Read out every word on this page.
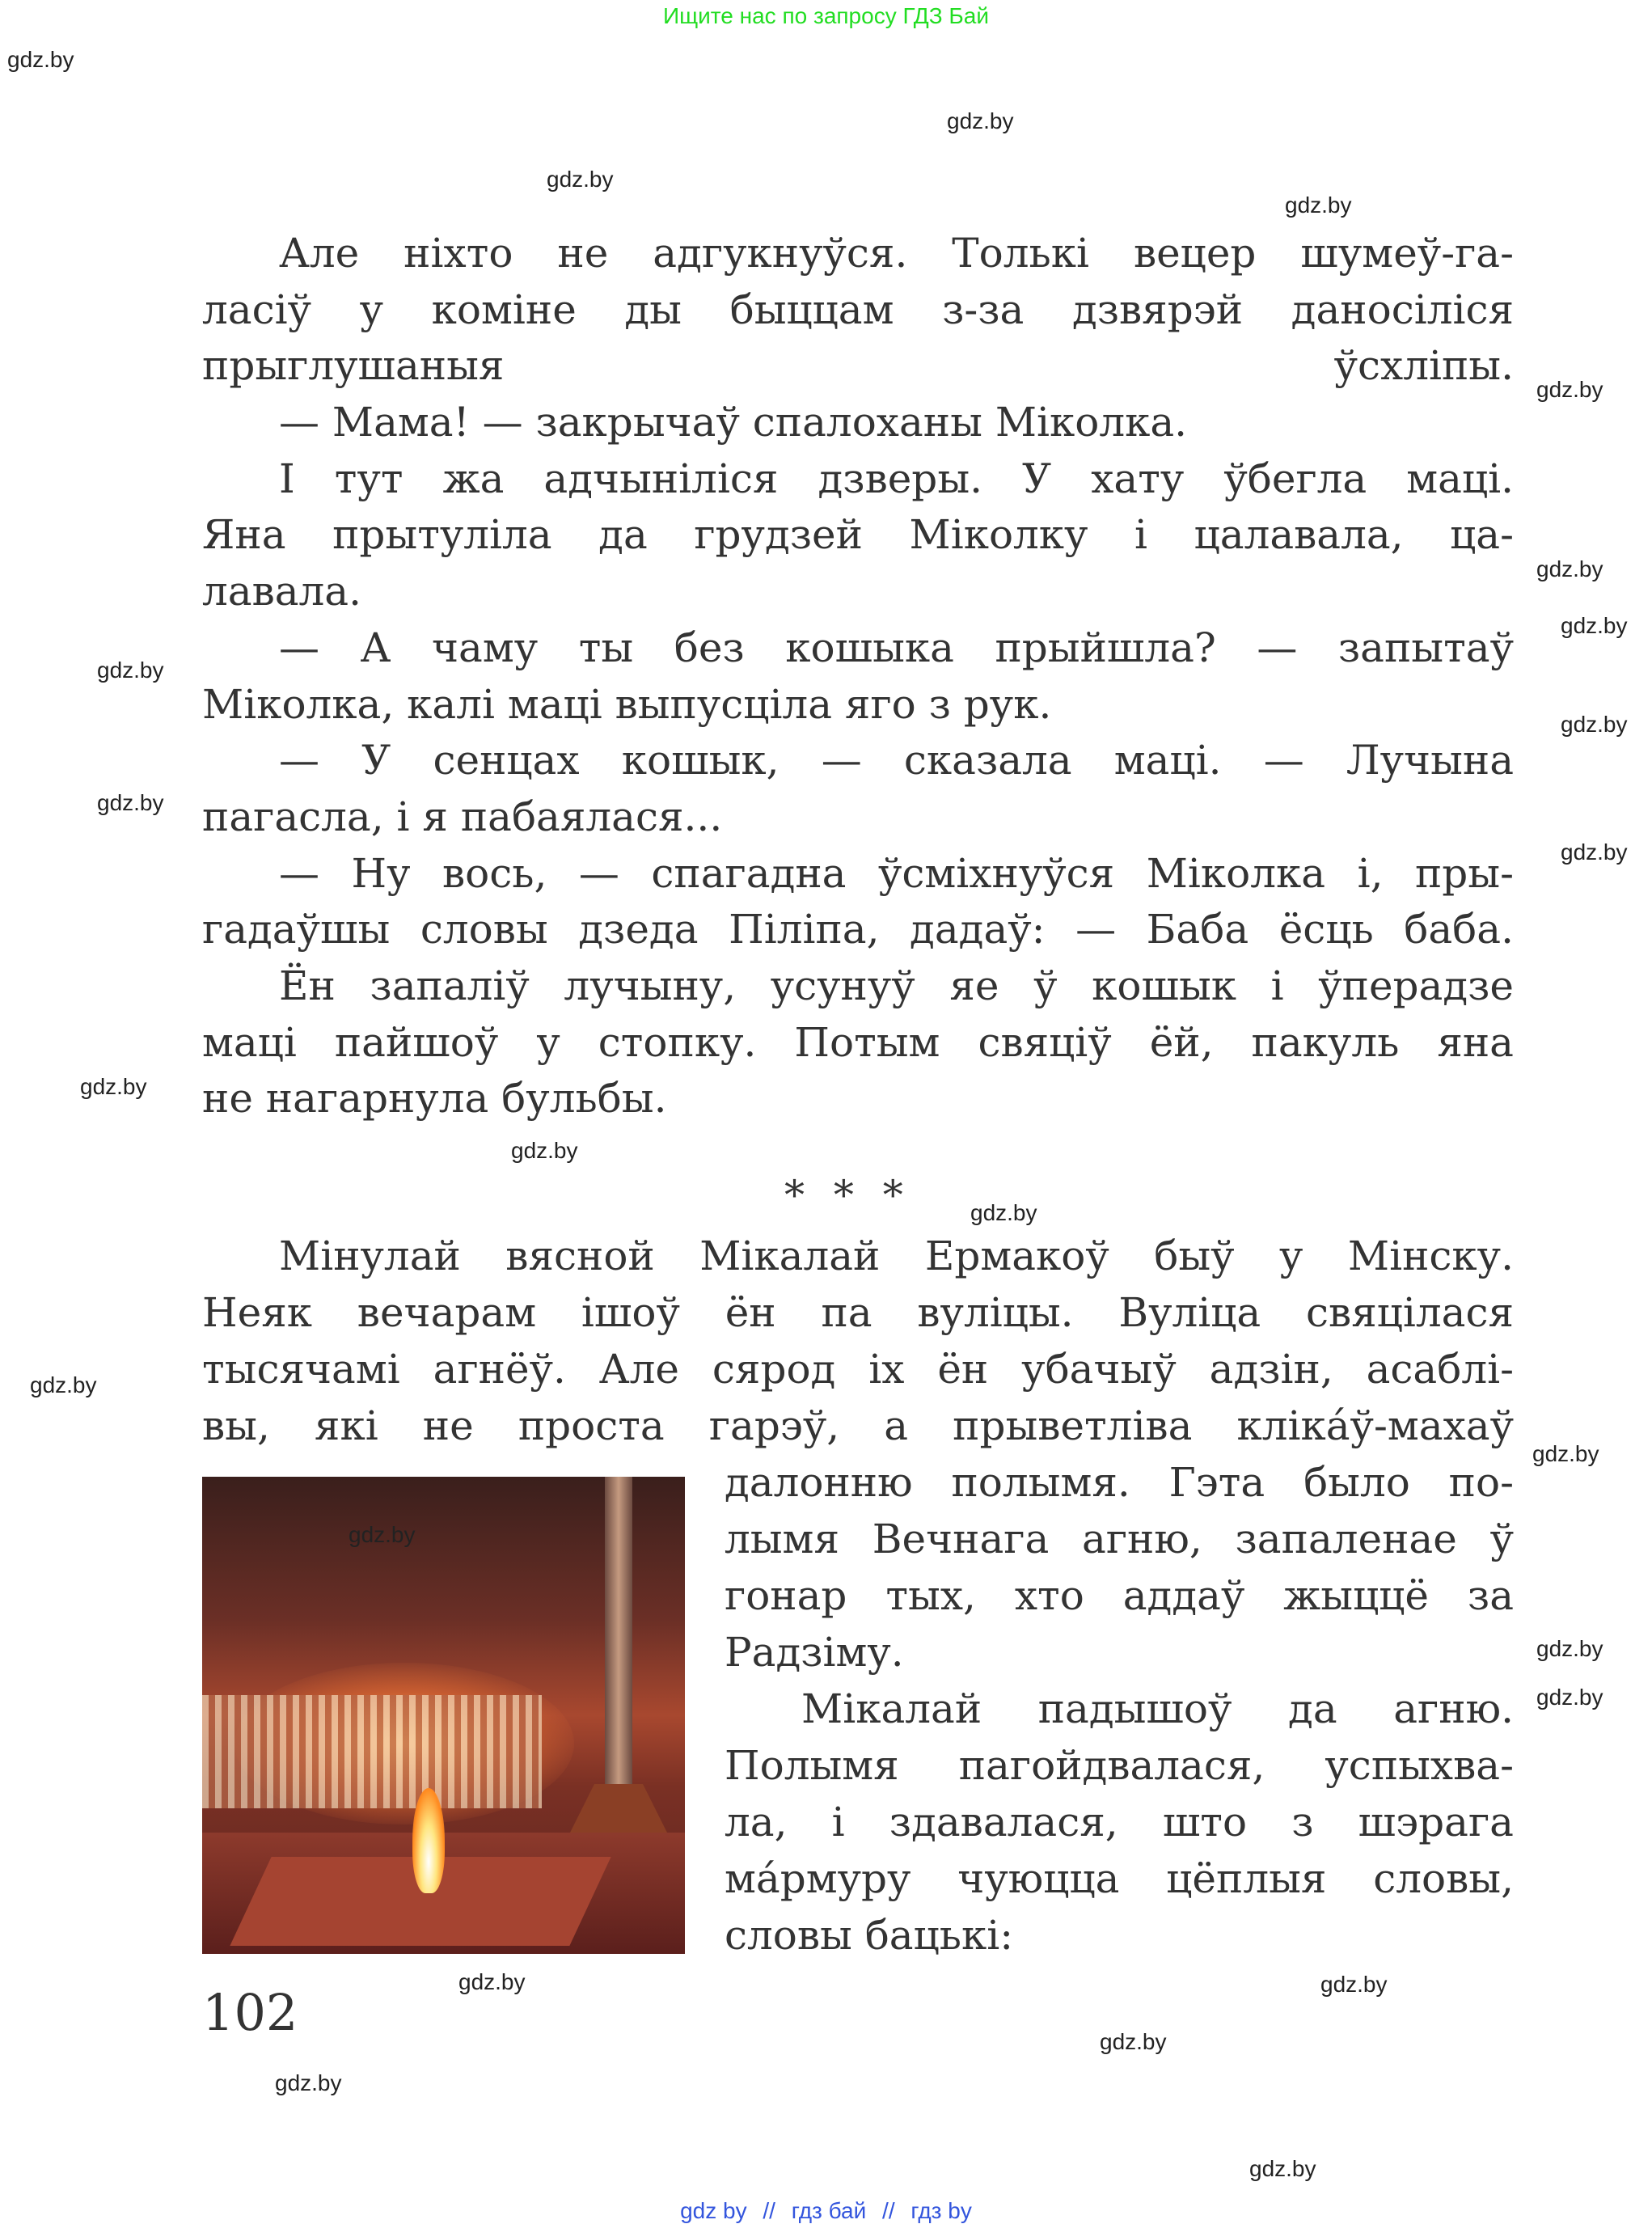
Ищите нас по запросу ГДЗ Бай
Але ніхто не адгукнуўся. Толькі вецер шумеў-га-
ласіў у коміне ды быццам з-за дзвярэй даносіліся
прыглушаныя ўсхліпы.
— Мама! — закрычаў спалоханы Міколка.
І тут жа адчыніліся дзверы. У хату ўбегла маці.
Яна прытуліла да грудзей Міколку і цалавала, ца-
лавала.
— А чаму ты без кошыка прыйшла? — запытаў
Міколка, калі маці выпусціла яго з рук.
— У сенцах кошык, — сказала маці. — Лучына
пагасла, і я пабаялася...
— Ну вось, — спагадна ўсміхнуўся Міколка і, пры-
гадаўшы словы дзеда Піліпа, дадаў: — Баба ёсць баба.
Ён запаліў лучыну, усунуў яе ў кошык і ўперадзе
маці пайшоў у стопку. Потым свяціў ёй, пакуль яна
не нагарнула бульбы.
* * *
Мінулай вясной Мікалай Ермакоў быў у Мінску.
Неяк вечарам ішоў ён па вуліцы. Вуліца свяцілася
тысячамі агнёў. Але сярод іх ён убачыў адзін, асаблі-
вы, які не проста гарэў, а прыветліва кліка́ў-махаў
далонню полымя. Гэта было по-
лымя Вечнага агню, запаленае ў
гонар тых, хто аддаў жыццё за
Радзіму.
Мікалай падышоў да агню.
Полымя пагойдвалася, успыхва-
ла, і здавалася, што з шэрага
ма́рмуру чуюцца цёплыя словы,
словы бацькі:
102
gdz.by
gdz.by
gdz.by
gdz.by
gdz.by
gdz.by
gdz.by
gdz.by
gdz.by
gdz.by
gdz.by
gdz.by
gdz.by
gdz.by
gdz.by
gdz.by
gdz.by
gdz.by
gdz.by
gdz.by
gdz.by
gdz.by
gdz.by
gdz.by
gdz by // гдз бай // гдз by
